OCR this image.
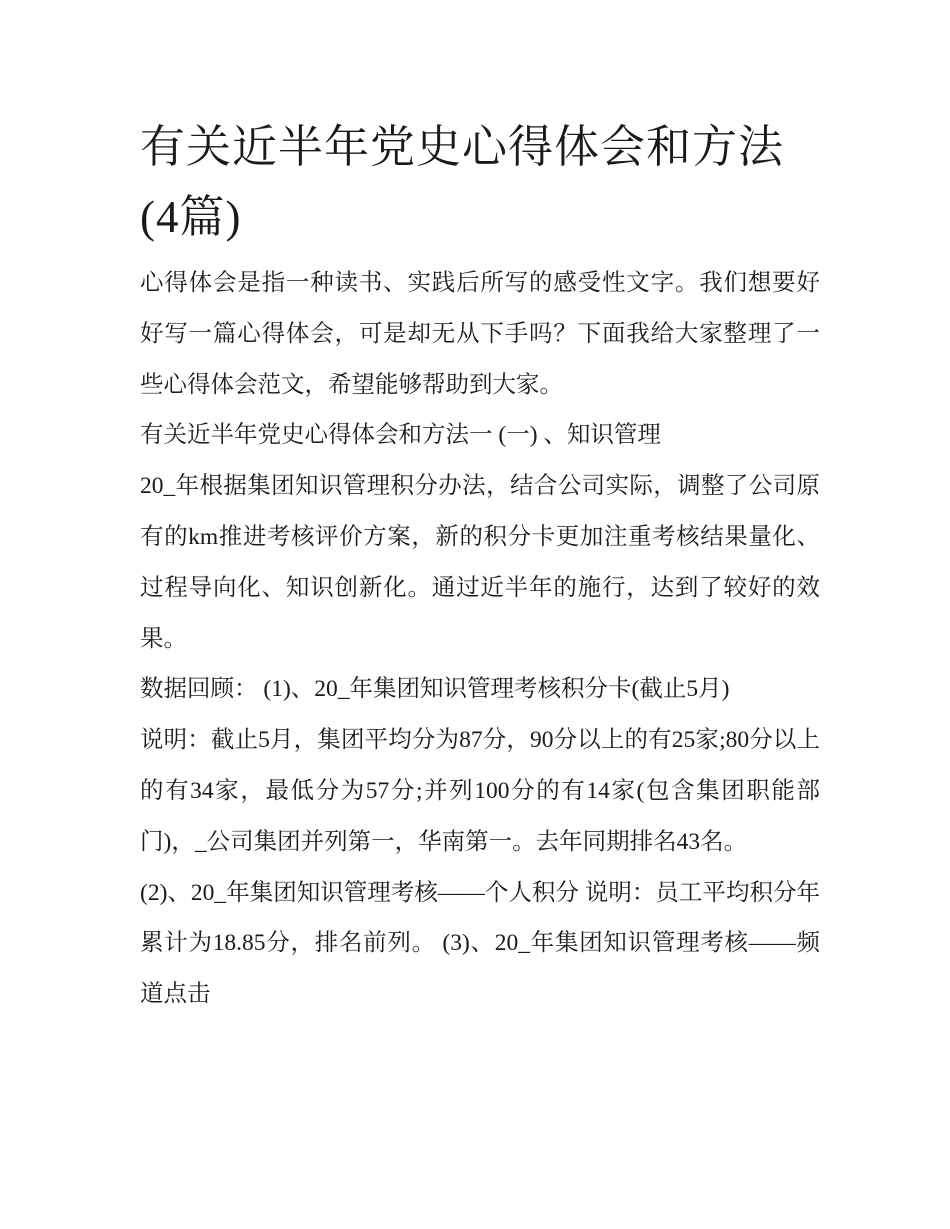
有关近半年党史心得体会和方法(4篇)

心得体会是指一种读书、实践后所写的感受性文字。我们想要好好写一篇心得体会，可是却无从下手吗？下面我给大家整理了一些心得体会范文，希望能够帮助到大家。

有关近半年党史心得体会和方法一 (一) 、知识管理

20_年根据集团知识管理积分办法，结合公司实际，调整了公司原有的km推进考核评价方案，新的积分卡更加注重考核结果量化、过程导向化、知识创新化。通过近半年的施行，达到了较好的效果。

数据回顾： (1)、20_年集团知识管理考核积分卡(截止5月)

说明：截止5月，集团平均分为87分，90分以上的有25家;80分以上的有34家，最低分为57分;并列100分的有14家(包含集团职能部门)，_公司集团并列第一，华南第一。去年同期排名43名。

(2)、20_年集团知识管理考核——个人积分 说明：员工平均积分年累计为18.85分，排名前列。 (3)、20_年集团知识管理考核——频道点击
